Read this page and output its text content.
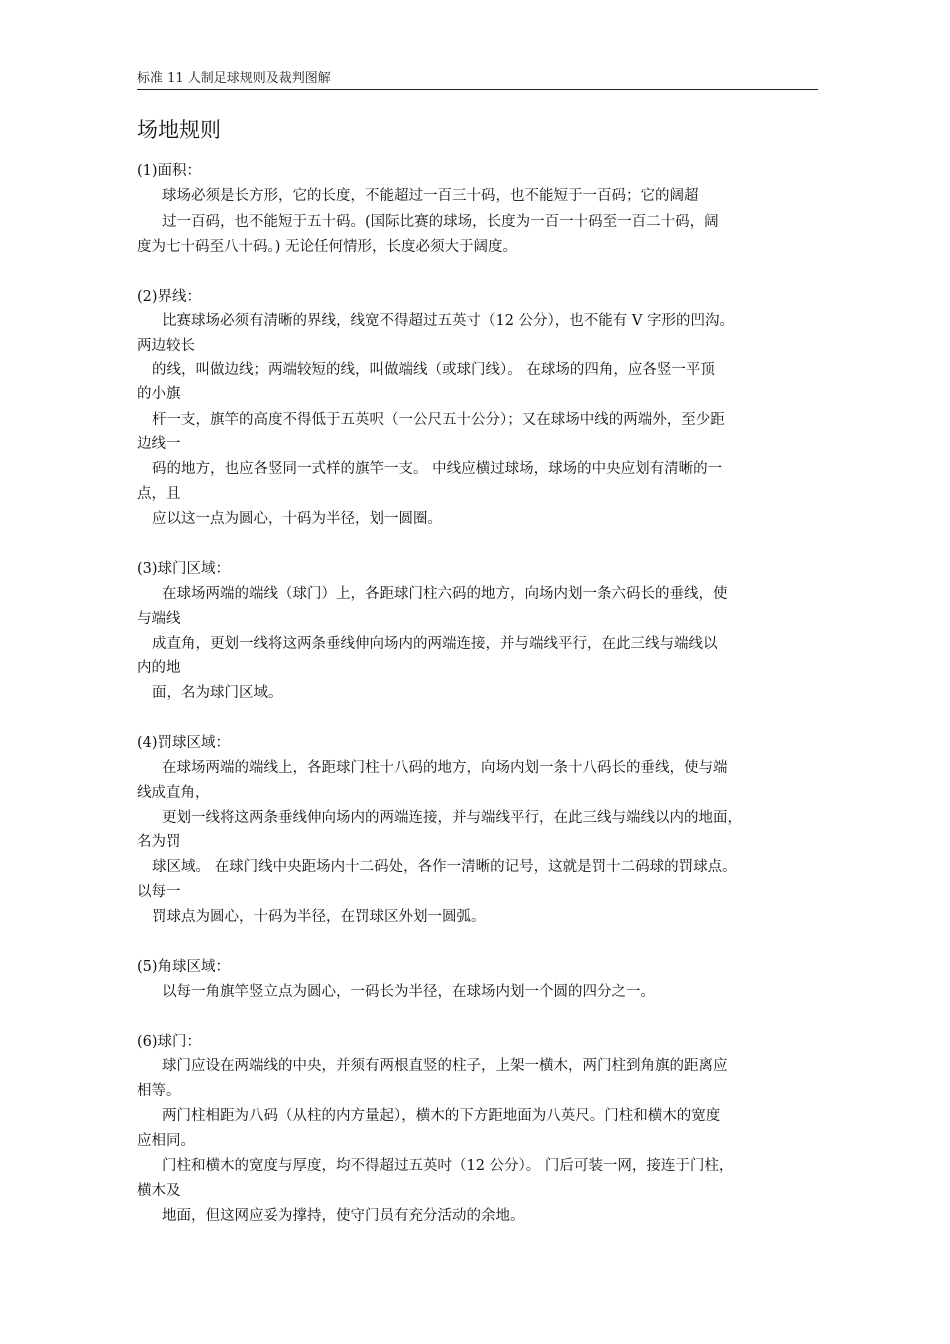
标准 11 人制足球规则及裁判图解
场地规则
(1)面积：
球场必须是长方形，它的长度，不能超过一百三十码，也不能短于一百码；它的阔超
过一百码，也不能短于五十码。(国际比赛的球场，长度为一百一十码至一百二十码，阔
度为七十码至八十码。) 无论任何情形，长度必须大于阔度。
(2)界线：
比赛球场必须有清晰的界线，线宽不得超过五英寸（12 公分），也不能有 V 字形的凹沟。
两边较长
的线，叫做边线；两端较短的线，叫做端线（或球门线）。 在球场的四角，应各竖一平顶
的小旗
杆一支，旗竿的高度不得低于五英呎（一公尺五十公分）；又在球场中线的两端外，至少距
边线一
码的地方，也应各竖同一式样的旗竿一支。 中线应横过球场，球场的中央应划有清晰的一
点，且
应以这一点为圆心，十码为半径，划一圆圈。
(3)球门区域：
在球场两端的端线（球门）上，各距球门柱六码的地方，向场内划一条六码长的垂线，使
与端线
成直角，更划一线将这两条垂线伸向场内的两端连接，并与端线平行，在此三线与端线以
内的地
面，名为球门区域。
(4)罚球区域：
在球场两端的端线上，各距球门柱十八码的地方，向场内划一条十八码长的垂线，使与端
线成直角，
更划一线将这两条垂线伸向场内的两端连接，并与端线平行，在此三线与端线以内的地面，
名为罚
球区域。 在球门线中央距场内十二码处，各作一清晰的记号，这就是罚十二码球的罚球点。
以每一
罚球点为圆心，十码为半径，在罚球区外划一圆弧。
(5)角球区域：
以每一角旗竿竖立点为圆心，一码长为半径，在球场内划一个圆的四分之一。
(6)球门：
球门应设在两端线的中央，并须有两根直竖的柱子，上架一横木，两门柱到角旗的距离应
相等。
两门柱相距为八码（从柱的内方量起），横木的下方距地面为八英尺。门柱和横木的宽度
应相同。
门柱和横木的宽度与厚度，均不得超过五英吋（12 公分）。 门后可装一网，接连于门柱，
横木及
地面，但这网应妥为撑持，使守门员有充分活动的余地。
